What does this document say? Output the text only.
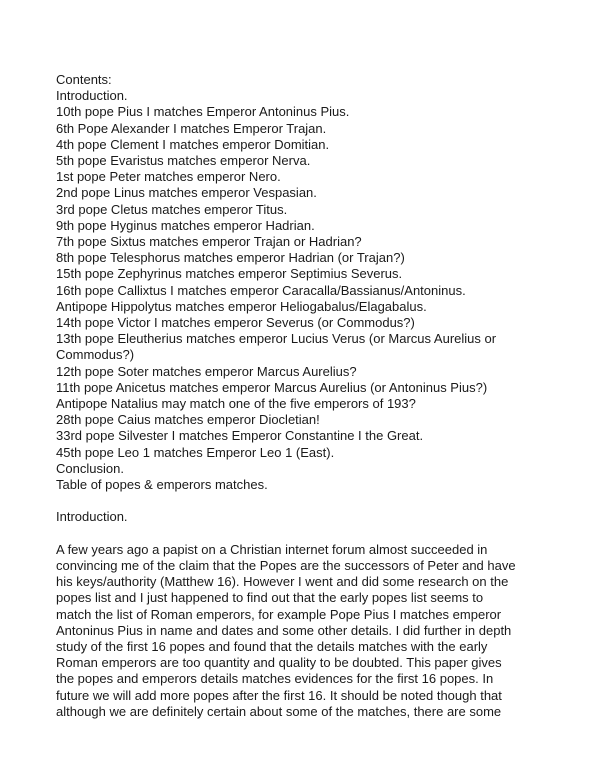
Contents:
Introduction.
10th pope Pius I matches Emperor Antoninus Pius.
6th Pope Alexander I matches Emperor Trajan.
4th pope Clement I matches emperor Domitian.
5th pope Evaristus matches emperor Nerva.
1st pope Peter matches emperor Nero.
2nd pope Linus matches emperor Vespasian.
3rd pope Cletus matches emperor Titus.
9th pope Hyginus matches emperor Hadrian.
7th pope Sixtus matches emperor Trajan or Hadrian?
8th pope Telesphorus matches emperor Hadrian (or Trajan?)
15th pope Zephyrinus matches emperor Septimius Severus.
16th pope Callixtus I matches emperor Caracalla/Bassianus/Antoninus.
Antipope Hippolytus matches emperor Heliogabalus/Elagabalus.
14th pope Victor I matches emperor Severus (or Commodus?)
13th pope Eleutherius matches emperor Lucius Verus (or Marcus Aurelius or
Commodus?)
12th pope Soter matches emperor Marcus Aurelius?
11th pope Anicetus matches emperor Marcus Aurelius (or Antoninus Pius?)
Antipope Natalius may match one of the five emperors of 193?
28th pope Caius matches emperor Diocletian!
33rd pope Silvester I matches Emperor Constantine I the Great.
45th pope Leo 1 matches Emperor Leo 1 (East).
Conclusion.
Table of popes & emperors matches.
Introduction.
A few years ago a papist on a Christian internet forum almost succeeded in
convincing me of the claim that the Popes are the successors of Peter and have
his keys/authority (Matthew 16). However I went and did some research on the
popes list and I just happened to find out that the early popes list seems to
match the list of Roman emperors, for example Pope Pius I matches emperor
Antoninus Pius in name and dates and some other details. I did further in depth
study of the first 16 popes and found that the details matches with the early
Roman emperors are too quantity and quality to be doubted. This paper gives
the popes and emperors details matches evidences for the first 16 popes. In
future we will add more popes after the first 16. It should be noted though that
although we are definitely certain about some of the matches, there are some
